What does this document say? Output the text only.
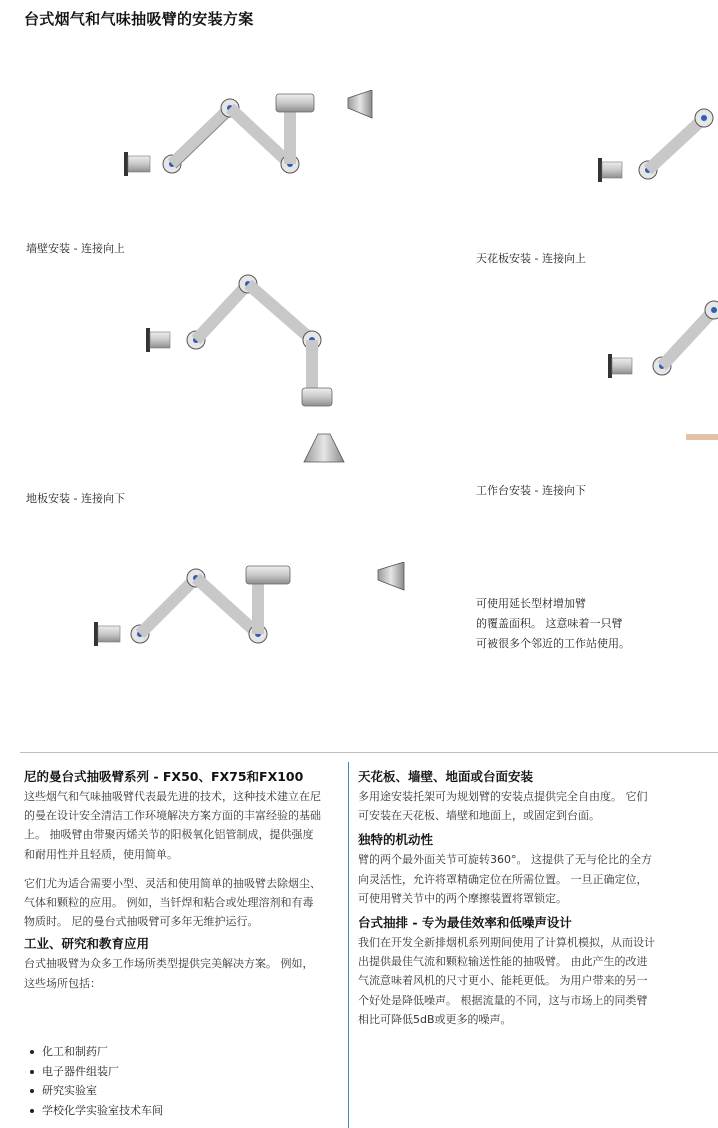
台式烟气和气味抽吸臂的安装方案
墙壁安装 - 连接向上
天花板安装 - 连接向上
地板安装 - 连接向下
工作台安装 - 连接向下
可使用延长型材增加臂
的覆盖面积。 这意味着一只臂
可被很多个邻近的工作站使用。
尼的曼台式抽吸臂系列 - FX50、FX75和FX100
这些烟气和气味抽吸臂代表最先进的技术，这种技术建立在尼
的曼在设计安全清洁工作环境解决方案方面的丰富经验的基础
上。 抽吸臂由带聚丙烯关节的阳极氧化铝管制成，提供强度
和耐用性并且轻质，使用简单。
它们尤为适合需要小型、灵活和使用简单的抽吸臂去除烟尘、
气体和颗粒的应用。 例如，当钎焊和粘合或处理溶剂和有毒
物质时。 尼的曼台式抽吸臂可多年无维护运行。
工业、研究和教育应用
台式抽吸臂为众多工作场所类型提供完美解决方案。 例如，
这些场所包括：
化工和制药厂
电子器件组装厂
研究实验室
学校化学实验室技术车间
天花板、墙壁、地面或台面安装
多用途安装托架可为规划臂的安装点提供完全自由度。 它们
可安装在天花板、墙壁和地面上，或固定到台面。
独特的机动性
臂的两个最外面关节可旋转360°。 这提供了无与伦比的全方
向灵活性，允许将罩精确定位在所需位置。 一旦正确定位，
可使用臂关节中的两个摩擦装置将罩锁定。
台式抽排 - 专为最佳效率和低噪声设计
我们在开发全新排烟机系列期间使用了计算机模拟，从而设计
出提供最佳气流和颗粒输送性能的抽吸臂。 由此产生的改进
气流意味着风机的尺寸更小、能耗更低。 为用户带来的另一
个好处是降低噪声。 根据流量的不同，这与市场上的同类臂
相比可降低5dB或更多的噪声。
